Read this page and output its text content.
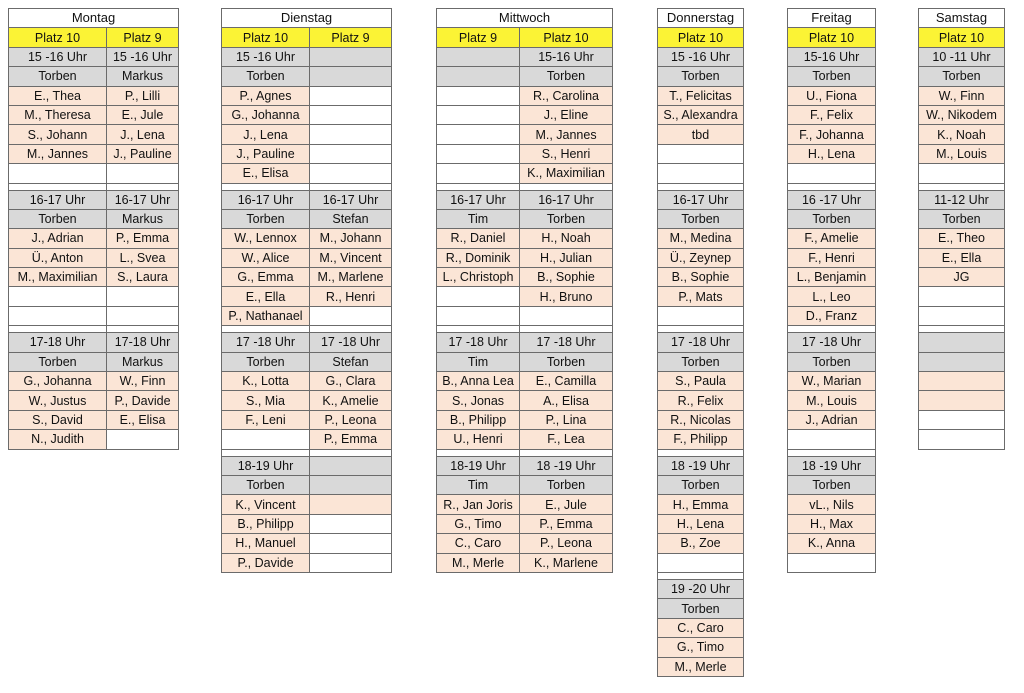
Montag	
Platz 10	Platz 9
15 -16 Uhr	15 -16 Uhr
Torben	Markus
E., Thea	P., Lilli
M., Theresa	E., Jule
S., Johann	J., Lena
M., Jannes	J., Pauline

16-17 Uhr	16-17 Uhr
Torben	Markus
J., Adrian	P., Emma
Ü., Anton	L., Svea
M., Maximilian	S., Laura

17-18 Uhr	17-18 Uhr
Torben	Markus
G., Johanna	W., Finn
W., Justus	P., Davide
S., David	E., Elisa
N., Judith	
Dienstag	
Platz 10	Platz 9
15 -16 Uhr	
Torben	
P., Agnes	
G., Johanna	
J., Lena	
J., Pauline	
E., Elisa	

16-17 Uhr	16-17 Uhr
Torben	Stefan
W., Lennox	M., Johann
W., Alice	M., Vincent
G., Emma	M., Marlene
E., Ella	R., Henri
P., Nathanael	

17 -18 Uhr	17 -18 Uhr
Torben	Stefan
K., Lotta	G., Clara
S., Mia	K., Amelie
F., Leni	P., Leona
	P., Emma

18-19 Uhr	
Torben	
K., Vincent	
B., Philipp	
H., Manuel	
P., Davide	
Mittwoch	
Platz 9	Platz 10
	15-16 Uhr
	Torben
	R., Carolina
	J., Eline
	M., Jannes
	S., Henri
	K., Maximilian

16-17 Uhr	16-17 Uhr
Tim	Torben
R., Daniel	H., Noah
R., Dominik	H., Julian
L., Christoph	B., Sophie
	H., Bruno

17 -18 Uhr	17 -18 Uhr
Tim	Torben
B., Anna Lea	E., Camilla
S., Jonas	A., Elisa
B., Philipp	P., Lina
U., Henri	F., Lea

18-19 Uhr	18 -19 Uhr
Tim	Torben
R., Jan Joris	E., Jule
G., Timo	P., Emma
C., Caro	P., Leona
M., Merle	K., Marlene
Donnerstag
Platz 10
15 -16 Uhr
Torben
T., Felicitas
S., Alexandra
tbd

16-17 Uhr
Torben
M., Medina
Ü., Zeynep
B., Sophie
P., Mats

17 -18 Uhr
Torben
S., Paula
R., Felix
R., Nicolas
F., Philipp

18 -19 Uhr
Torben
H., Emma
H., Lena
B., Zoe

19 -20 Uhr
Torben
C., Caro
G., Timo
M., Merle
Freitag
Platz 10
15-16 Uhr
Torben
U., Fiona
F., Felix
F., Johanna
H., Lena

16 -17 Uhr
Torben
F., Amelie
F., Henri
L., Benjamin
L., Leo
D., Franz

17 -18 Uhr
Torben
W., Marian
M., Louis
J., Adrian

18 -19 Uhr
Torben
vL., Nils
H., Max
K., Anna

Samstag
Platz 10
10 -11 Uhr
Torben
W., Finn
W., Nikodem
K., Noah
M., Louis

11-12 Uhr
Torben
E., Theo
E., Ella
JG
